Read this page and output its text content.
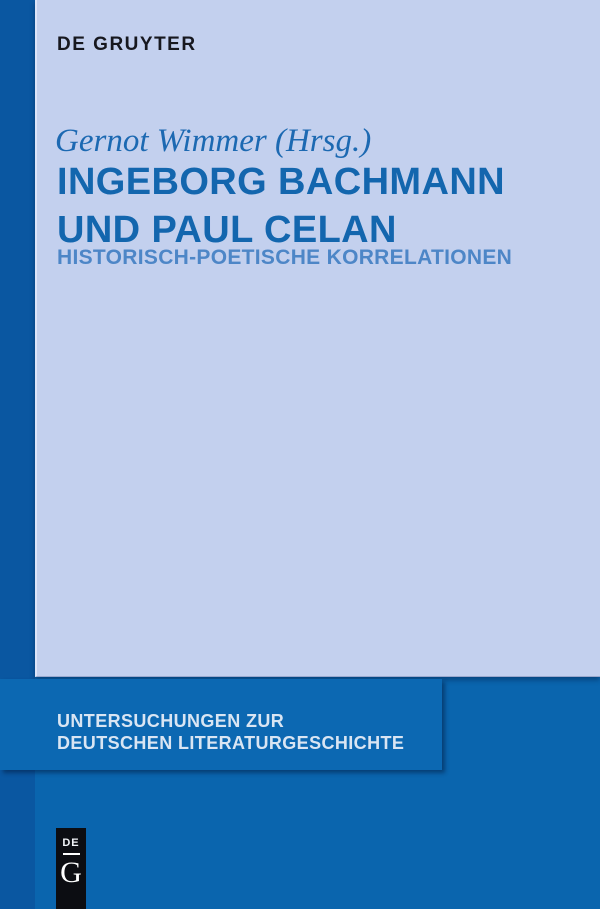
DE GRUYTER
Gernot Wimmer (Hrsg.)
INGEBORG BACHMANN
UND PAUL CELAN
HISTORISCH-POETISCHE KORRELATIONEN
UNTERSUCHUNGEN ZUR
DEUTSCHEN LITERATURGESCHICHTE
DE
G
